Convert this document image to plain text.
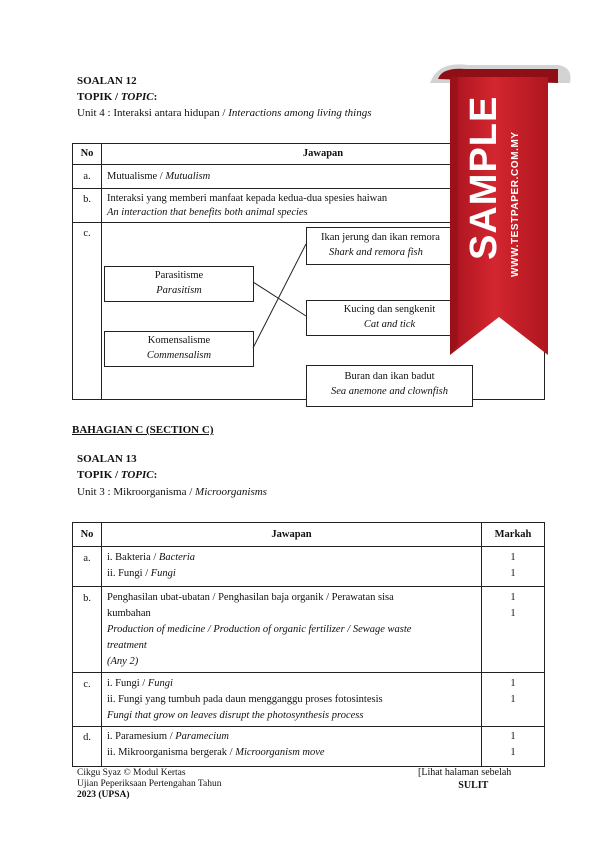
SOALAN 12
TOPIK / TOPIC:
Unit 4 : Interaksi antara hidupan / Interactions among living things
No	Jawapan

a.	Mutualisme / Mutualism

b.	Interaksi yang memberi manfaat kepada kedua-dua spesies haiwan
An interaction that benefits both animal species

c.	

Parasitisme
Parasitism
Komensalisme
Commensalism
Ikan jerung dan ikan remora
Shark and remora fish
Kucing dan sengkenit
Cat and tick
Buran dan ikan badut
Sea anemone and clownfish
BAHAGIAN C (SECTION C)
SOALAN 13
TOPIK / TOPIC:
Unit 3 : Mikroorganisma / Microorganisms
No	Jawapan	Markah

a.	i. Bakteria / Bacteria
ii. Fungi / Fungi	1
1

b.	Penghasilan ubat-ubatan / Penghasilan baja organik / Perawatan sisa
kumbahan
Production of medicine / Production of organic fertilizer / Sewage waste
treatment
(Any 2)	1
1

c.	i. Fungi / Fungi
ii. Fungi yang tumbuh pada daun mengganggu proses fotosintesis
Fungi that grow on leaves disrupt the photosynthesis process	1
1

d.	i. Paramesium / Paramecium
ii. Mikroorganisma bergerak / Microorganism move	1
1
Cikgu Syaz © Modul Kertas
Ujian Peperiksaan Pertengahan Tahun
2023 (UPSA)
[Lihat halaman sebelah
SULIT
SAMPLE WWW.TESTPAPER.COM.MY
